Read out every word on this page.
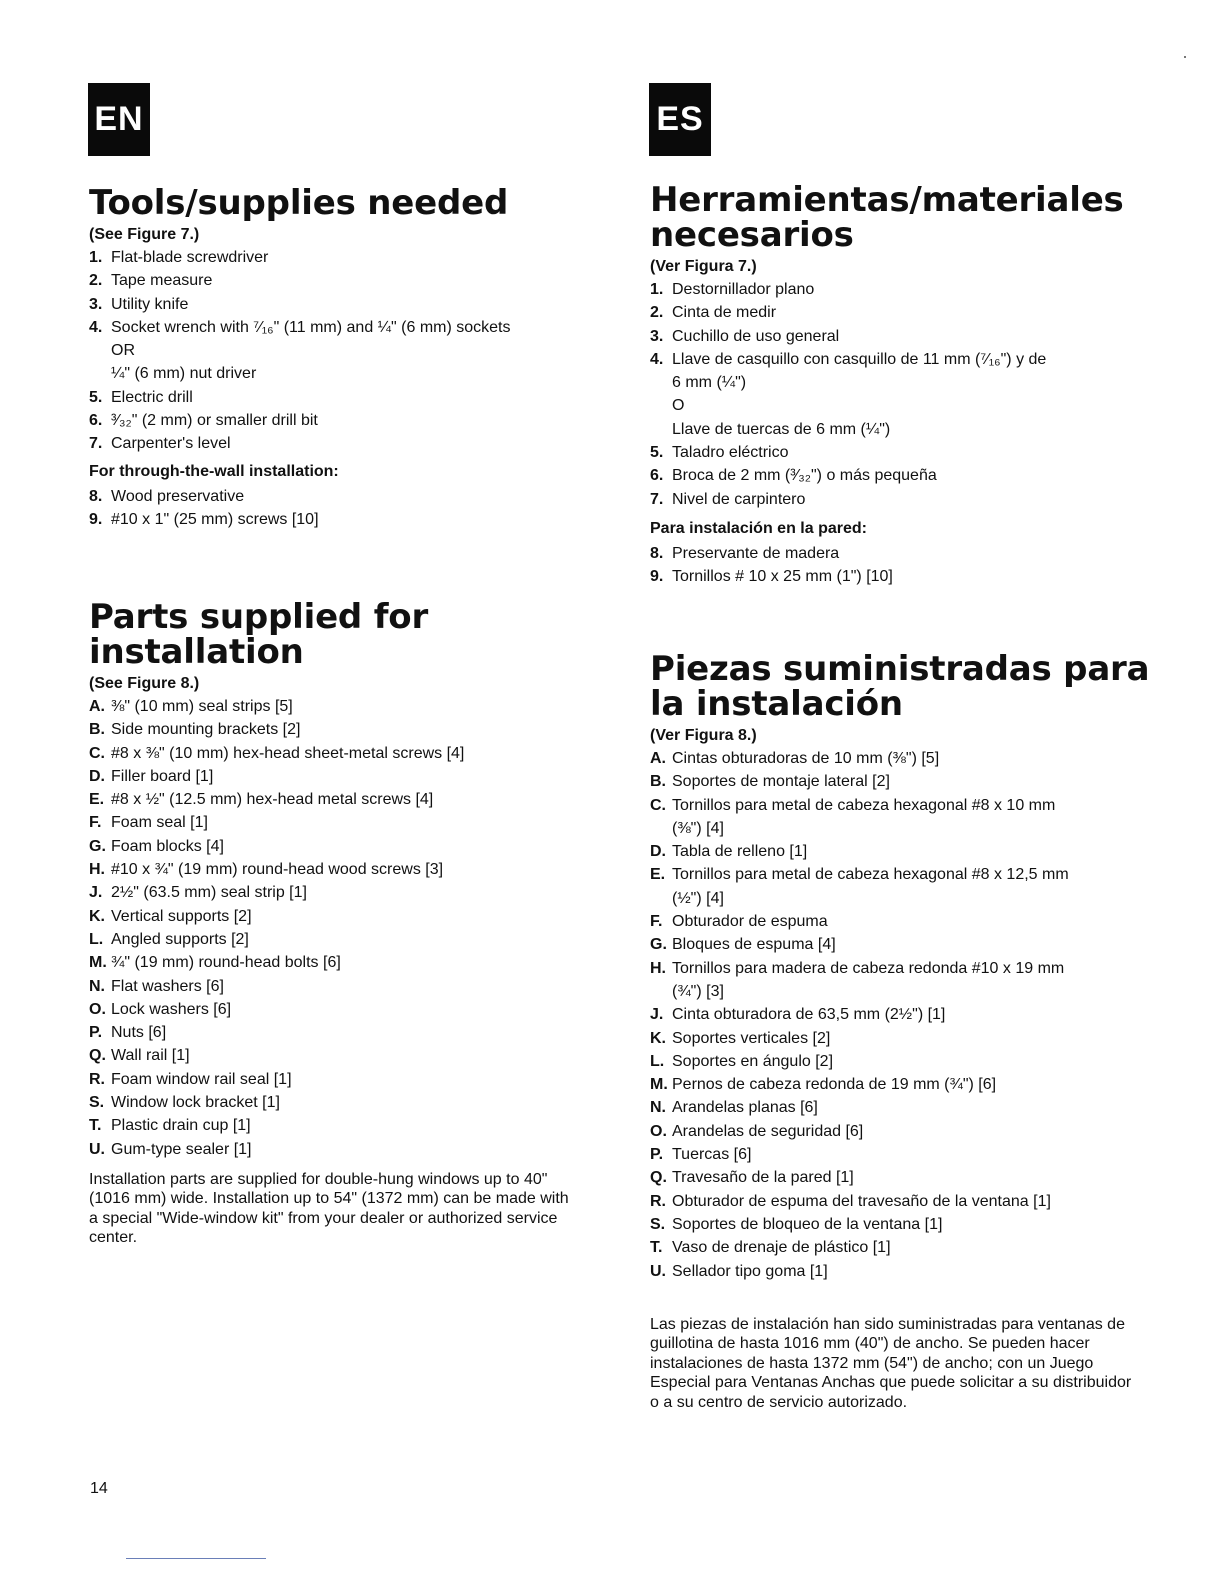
EN
Tools/supplies needed

(See Figure 7.)

1. Flat-blade screwdriver
2. Tape measure
3. Utility knife
4. Socket wrench with ⁷⁄₁₆" (11 mm) and ¼" (6 mm) sockets
OR
¼" (6 mm) nut driver
5. Electric drill
6. ³⁄₃₂" (2 mm) or smaller drill bit
7. Carpenter's level

For through-the-wall installation:

8. Wood preservative
9. #10 x 1" (25 mm) screws [10]
Parts supplied for
installation

(See Figure 8.)

A. ⅜" (10 mm) seal strips [5]
B. Side mounting brackets [2]
C. #8 x ⅜" (10 mm) hex-head sheet-metal screws [4]
D. Filler board [1]
E. #8 x ½" (12.5 mm) hex-head metal screws [4]
F. Foam seal [1]
G. Foam blocks [4]
H. #10 x ¾" (19 mm) round-head wood screws [3]
J. 2½" (63.5 mm) seal strip [1]
K. Vertical supports [2]
L. Angled supports [2]
M. ¾" (19 mm) round-head bolts [6]
N. Flat washers [6]
O. Lock washers [6]
P. Nuts [6]
Q. Wall rail [1]
R. Foam window rail seal [1]
S. Window lock bracket [1]
T. Plastic drain cup [1]
U. Gum-type sealer [1]

Installation parts are supplied for double-hung windows up to 40" (1016 mm) wide. Installation up to 54" (1372 mm) can be made with a special "Wide-window kit" from your dealer or authorized service center.

ES
Herramientas/materiales
necesarios

(Ver Figura 7.)

1. Destornillador plano
2. Cinta de medir
3. Cuchillo de uso general
4. Llave de casquillo con casquillo de 11 mm (⁷⁄₁₆") y de
6 mm (¼")
O
Llave de tuercas de 6 mm (¼")
5. Taladro eléctrico
6. Broca de 2 mm (³⁄₃₂") o más pequeña
7. Nivel de carpintero

Para instalación en la pared:

8. Preservante de madera
9. Tornillos # 10 x 25 mm (1") [10]
Piezas suministradas para
la instalación

(Ver Figura 8.)

A. Cintas obturadoras de 10 mm (⅜") [5]
B. Soportes de montaje lateral [2]
C. Tornillos para metal de cabeza hexagonal #8 x 10 mm
(⅜") [4]
D. Tabla de relleno [1]
E. Tornillos para metal de cabeza hexagonal #8 x 12,5 mm
(½") [4]
F. Obturador de espuma
G. Bloques de espuma [4]
H. Tornillos para madera de cabeza redonda #10 x 19 mm
(¾") [3]
J. Cinta obturadora de 63,5 mm (2½") [1]
K. Soportes verticales [2]
L. Soportes en ángulo [2]
M. Pernos de cabeza redonda de 19 mm (¾") [6]
N. Arandelas planas [6]
O. Arandelas de seguridad [6]
P. Tuercas [6]
Q. Travesaño de la pared [1]
R. Obturador de espuma del travesaño de la ventana [1]
S. Soportes de bloqueo de la ventana [1]
T. Vaso de drenaje de plástico [1]
U. Sellador tipo goma [1]

Las piezas de instalación han sido suministradas para ventanas de guillotina de hasta 1016 mm (40") de ancho. Se pueden hacer instalaciones de hasta 1372 mm (54") de ancho; con un Juego Especial para Ventanas Anchas que puede solicitar a su distribuidor o a su centro de servicio autorizado.

14
